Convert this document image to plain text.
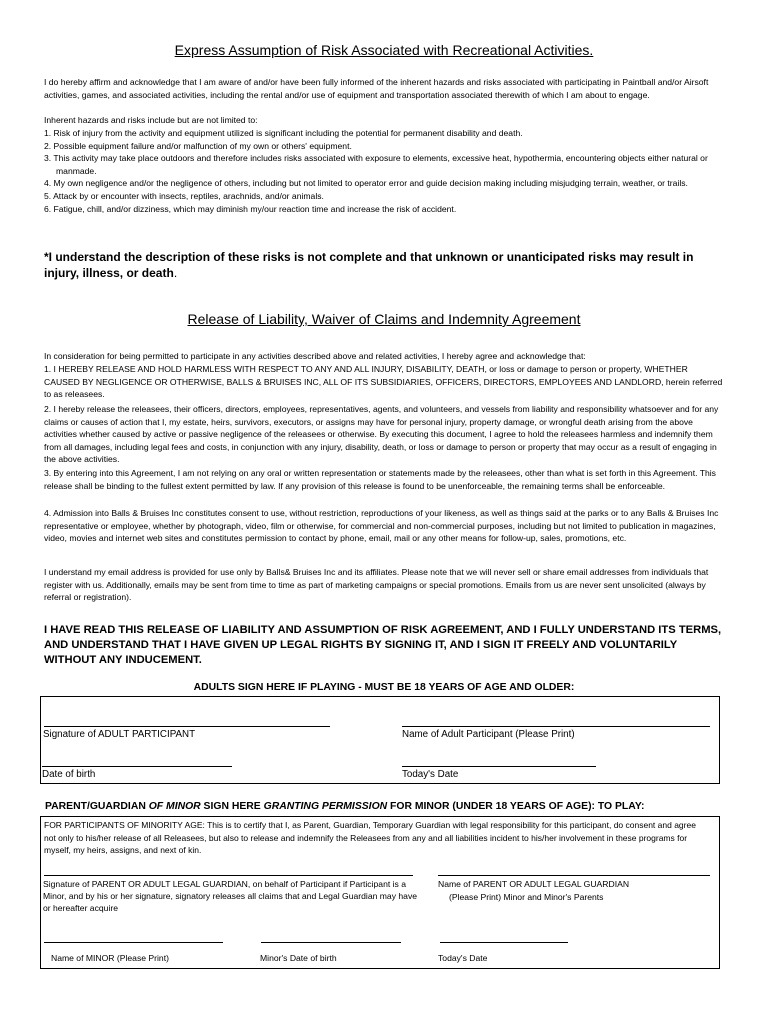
Express Assumption of Risk Associated with Recreational Activities.
I do hereby affirm and acknowledge that I am aware of and/or have been fully informed of the inherent hazards and risks associated with participating in Paintball and/or Airsoft activities, games, and associated activities, including the rental and/or use of equipment and transportation associated therewith of which I am about to engage.
Inherent hazards and risks include but are not limited to:
1. Risk of injury from the activity and equipment utilized is significant including the potential for permanent disability and death.
2. Possible equipment failure and/or malfunction of my own or others' equipment.
3. This activity may take place outdoors and therefore includes risks associated with exposure to elements, excessive heat, hypothermia, encountering objects either natural or manmade.
4. My own negligence and/or the negligence of others, including but not limited to operator error and guide decision making including misjudging terrain, weather, or trails.
5. Attack by or encounter with insects, reptiles, arachnids, and/or animals.
6. Fatigue, chill, and/or dizziness, which may diminish my/our reaction time and increase the risk of accident.
*I understand the description of these risks is not complete and that unknown or unanticipated risks may result in injury, illness, or death.
Release of Liability, Waiver of Claims and Indemnity Agreement
In consideration for being permitted to participate in any activities described above and related activities, I hereby agree and acknowledge that:
1. I HEREBY RELEASE AND HOLD HARMLESS WITH RESPECT TO ANY AND ALL INJURY, DISABILITY, DEATH, or loss or damage to person or property, WHETHER CAUSED BY NEGLIGENCE OR OTHERWISE, BALLS & BRUISES INC, ALL OF ITS SUBSIDIARIES, OFFICERS, DIRECTORS, EMPLOYEES AND LANDLORD, herein referred to as releasees.
2. I hereby release the releasees, their officers, directors, employees, representatives, agents, and volunteers, and vessels from liability and responsibility whatsoever and for any claims or causes of action that I, my estate, heirs, survivors, executors, or assigns may have for personal injury, property damage, or wrongful death arising from the above activities whether caused by active or passive negligence of the releasees or otherwise. By executing this document, I agree to hold the releasees harmless and indemnify them from all damages, including legal fees and costs, in conjunction with any injury, disability, death, or loss or damage to person or property that may occur as a result of engaging in the above activities.
3. By entering into this Agreement, I am not relying on any oral or written representation or statements made by the releasees, other than what is set forth in this Agreement. This release shall be binding to the fullest extent permitted by law. If any provision of this release is found to be unenforceable, the remaining terms shall be enforceable.
4. Admission into Balls & Bruises Inc constitutes consent to use, without restriction, reproductions of your likeness, as well as things said at the parks or to any Balls & Bruises Inc representative or employee, whether by photograph, video, film or otherwise, for commercial and non-commercial purposes, including but not limited to publication in magazines, video, movies and internet web sites and constitutes permission to contact by phone, email, mail or any other means for follow-up, sales, promotions, etc.
I understand my email address is provided for use only by Balls& Bruises Inc and its affiliates. Please note that we will never sell or share email addresses from individuals that register with us. Additionally, emails may be sent from time to time as part of marketing campaigns or special promotions. Emails from us are never sent unsolicited (always by referral or registration).
I HAVE READ THIS RELEASE OF LIABILITY AND ASSUMPTION OF RISK AGREEMENT, AND I FULLY UNDERSTAND ITS TERMS, AND UNDERSTAND THAT I HAVE GIVEN UP LEGAL RIGHTS BY SIGNING IT, AND I SIGN IT FREELY AND VOLUNTARILY WITHOUT ANY INDUCEMENT.
ADULTS SIGN HERE IF PLAYING - MUST BE 18 YEARS OF AGE AND OLDER:
Signature of ADULT PARTICIPANT	Name of Adult Participant (Please Print)
Date of birth	Today's Date
PARENT/GUARDIAN OF MINOR SIGN HERE GRANTING PERMISSION FOR MINOR (UNDER 18 YEARS OF AGE): TO PLAY:
FOR PARTICIPANTS OF MINORITY AGE: This is to certify that I, as Parent, Guardian, Temporary Guardian with legal responsibility for this participant, do consent and agree not only to his/her release of all Releasees, but also to release and indemnify the Releasees from any and all liabilities incident to his/her involvement in these programs for myself, my heirs, assigns, and next of kin.
Signature of PARENT OR ADULT LEGAL GUARDIAN, on behalf of Participant if Participant is a Minor, and by his or her signature, signatory releases all claims that and Legal Guardian may have or hereafter acquire
Name of PARENT OR ADULT LEGAL GUARDIAN
(Please Print) Minor and Minor's Parents
Name of MINOR (Please Print)	Minor's Date of birth	Today's Date
